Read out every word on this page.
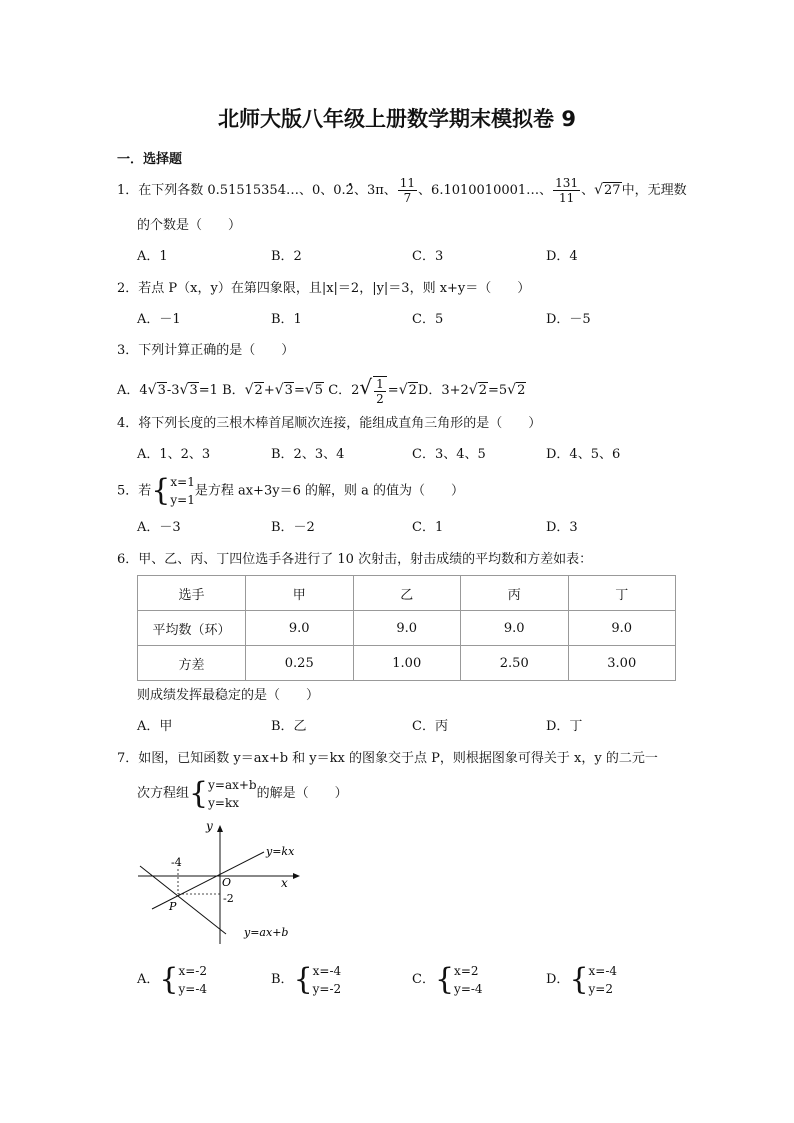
北师大版八年级上册数学期末模拟卷 9
一．选择题
1．在下列各数 0.51515354…、0、0.• 2、3π、 $\frac{11}{7}$ 、6.1010010001…、 $\frac{131}{11}$ 、√27中，无理数
的个数是（　　）
A．1	B．2	C．3	D．4
2．若点 P（x，y）在第四象限，且|x|＝2，|y|＝3，则 x+y＝（　　）
A．－1	B．1	C．5	D．－5
3．下列计算正确的是（　　）
A．4√3-3√3=1 B．√2+√3=√5 C．$2√ \frac{1}{2} =√2D$．3+2√2=5√2
4．将下列长度的三根木棒首尾顺次连接，能组成直角三角形的是（　　）
A．1、2、3	B．2、3、4	C．3、4、5	D．4、5、6
5．若{ x=1
y=1
是方程 ax+3y＝6 的解，则 a 的值为（　　）
A．－3	B．－2	C．1	D．3
6．甲、乙、丙、丁四位选手各进行了 10 次射击，射击成绩的平均数和方差如表：
选手	甲	乙	丙	丁
平均数（环）	9.0	9.0	9.0	9.0
方差	0.25	1.00	2.50	3.00
则成绩发挥最稳定的是（　　）
A．甲	B．乙	C．丙	D．丁
7．如图，已知函数 y＝ax+b 和 y＝kx 的图象交于点 P，则根据图象可得关于 x，y 的二元一
次方程组{ y=ax+b
y=kx
的解是（　　）
y
x
O
-4
-2
P
y=kx
y=ax+b
A．{ x=-2
y=-4
B．{ x=-4
y=-2
C．{ x=2
y=-4
D．{ x=-4
y=2
